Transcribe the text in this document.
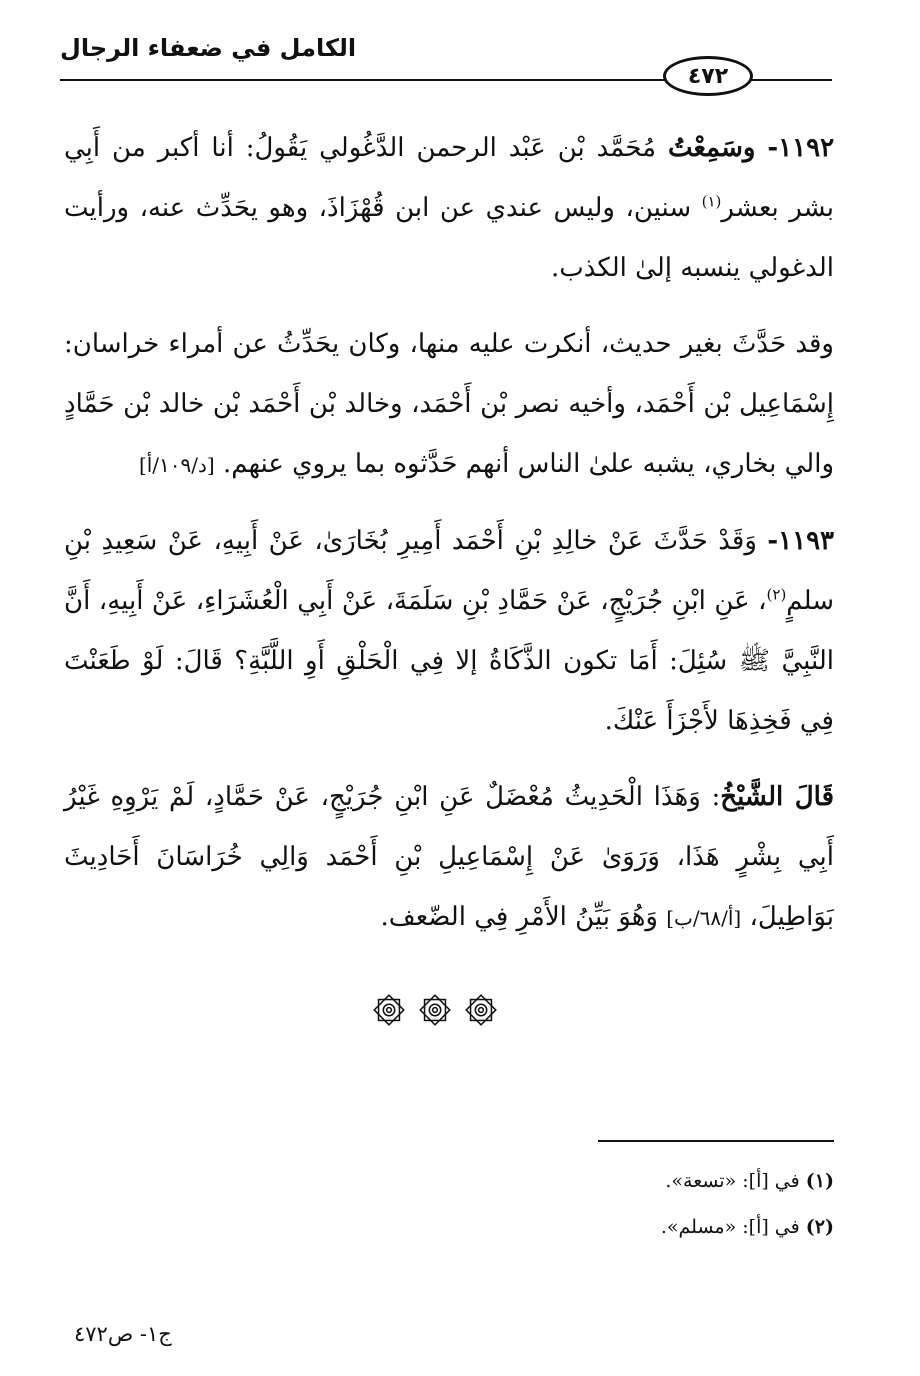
الكامل في ضعفاء الرجال
٤٧٢

١١٩٢- وسَمِعْتُ مُحَمَّد بْن عَبْد الرحمن الدَّغُولي يَقُولُ: أنا أكبر من أَبِي بشر بعشر$^{(١)}$ سنين، وليس عندي عن ابن قُهْزَاذَ، وهو يحَدِّث عنه، ورأيت الدغولي ينسبه إلىٰ الكذب.

وقد حَدَّثَ بغير حديث، أنكرت عليه منها، وكان يحَدِّثُ عن أمراء خراسان: إِسْمَاعِيل بْن أَحْمَد، وأخيه نصر بْن أَحْمَد، وخالد بْن أَحْمَد بْن خالد بْن حَمَّادٍ والي بخاري، يشبه علىٰ الناس أنهم حَدَّثوه بما يروي عنهم. [د/١٠٩/أ]

١١٩٣- وَقَدْ حَدَّثَ عَنْ خالِدِ بْنِ أَحْمَد أَمِيرِ بُخَارَىٰ، عَنْ أَبِيهِ، عَنْ سَعِيدِ بْنِ سلمٍ$^{(٢)}$، عَنِ ابْنِ جُرَيْجٍ، عَنْ حَمَّادِ بْنِ سَلَمَةَ، عَنْ أَبِي الْعُشَرَاءِ، عَنْ أَبِيهِ، أَنَّ النَّبِيَّ ﷺ سُئِلَ: أَمَا تكون الذَّكَاةُ إلا فِي الْحَلْقِ أَوِ اللَّبَّةِ؟ قَالَ: لَوْ طَعَنْتَ فِي فَخِذِهَا لأَجْزَأَ عَنْكَ.

قَالَ الشَّيْخُ: وَهَذَا الْحَدِيثُ مُعْضَلٌ عَنِ ابْنِ جُرَيْجٍ، عَنْ حَمَّادٍ، لَمْ يَرْوِهِ غَيْرُ أَبِي بِشْرٍ هَذَا، وَرَوَىٰ عَنْ إِسْمَاعِيلِ بْنِ أَحْمَد وَالِي خُرَاسَانَ أَحَادِيثَ بَوَاطِيلَ، [أ/٦٨/ب] وَهُوَ بَيِّنُ الأَمْرِ فِي الضّعف.

(١) في [أ]: «تسعة».
(٢) في [أ]: «مسلم».
ج١- ص٤٧٢
